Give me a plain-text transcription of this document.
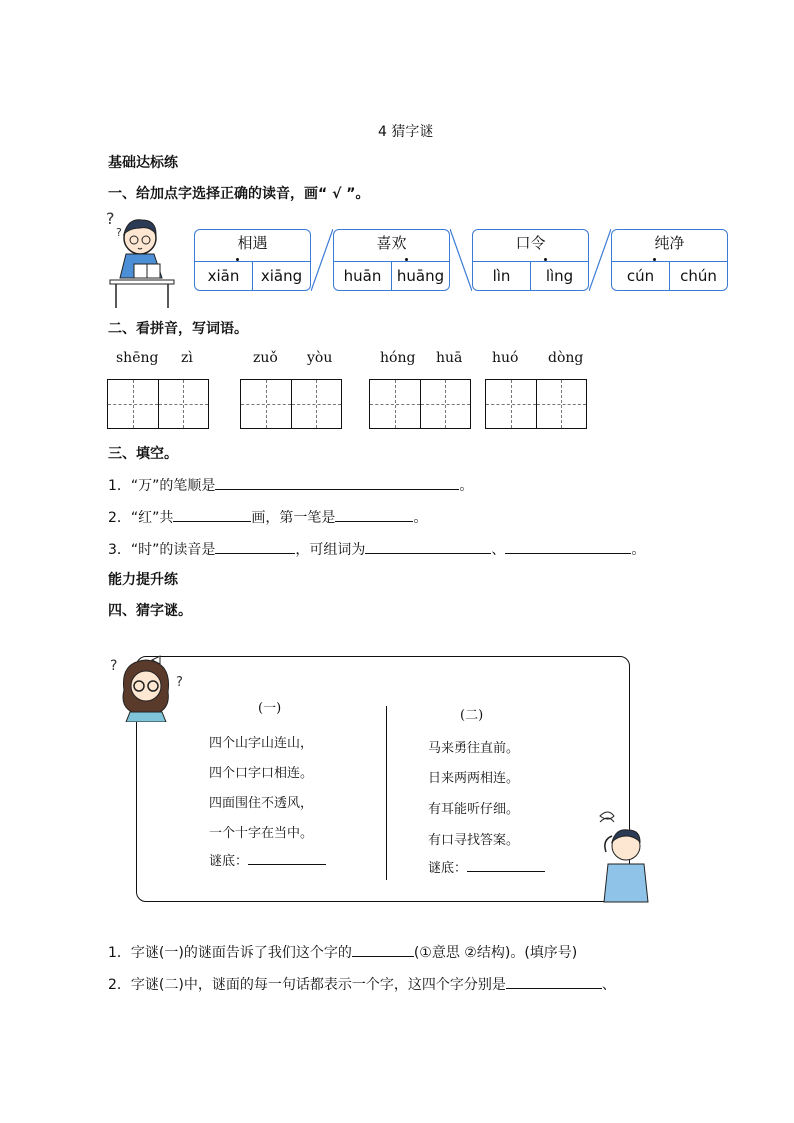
4 猜字谜
基础达标练
一、给加点字选择正确的读音，画“ √ ”。
?
?
相遇
xiān	xiāng
喜欢
huān	huāng
口令
lìn	lìng
纯净
cún	chún
二、看拼音，写词语。
shēng zì	zuǒ yòu	hóng huā huó dòng
三、填空。
1．“万”的笔顺是	。
2．“红”共	画，第一笔是	。
3．“时”的读音是	，可组词为	、	。
能力提升练
四、猜字谜。
?
?
(一)
四个山字山连山，
四个口字口相连。
四面围住不透风，
一个十字在当中。
谜底：
(二)
马来勇往直前。
日来两两相连。
有耳能听仔细。
有口寻找答案。
谜底：
1．字谜(一)的谜面告诉了我们这个字的	(①意思 ②结构)。(填序号)
2．字谜(二)中，谜面的每一句话都表示一个字，这四个字分别是	、
